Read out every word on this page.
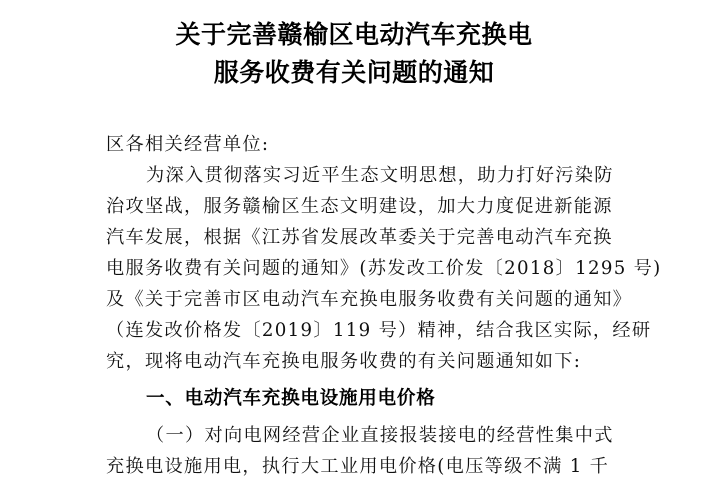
关于完善赣榆区电动汽车充换电
服务收费有关问题的通知
区各相关经营单位:
为深入贯彻落实习近平生态文明思想，助力打好污染防
治攻坚战，服务赣榆区生态文明建设，加大力度促进新能源
汽车发展，根据《江苏省发展改革委关于完善电动汽车充换
电服务收费有关问题的通知》(苏发改工价发〔2018〕1295 号)
及《关于完善市区电动汽车充换电服务收费有关问题的通知》
（连发改价格发〔2019〕119 号）精神，结合我区实际，经研
究，现将电动汽车充换电服务收费的有关问题通知如下:
一、电动汽车充换电设施用电价格
（一）对向电网经营企业直接报装接电的经营性集中式
充换电设施用电，执行大工业用电价格(电压等级不满 1 千
